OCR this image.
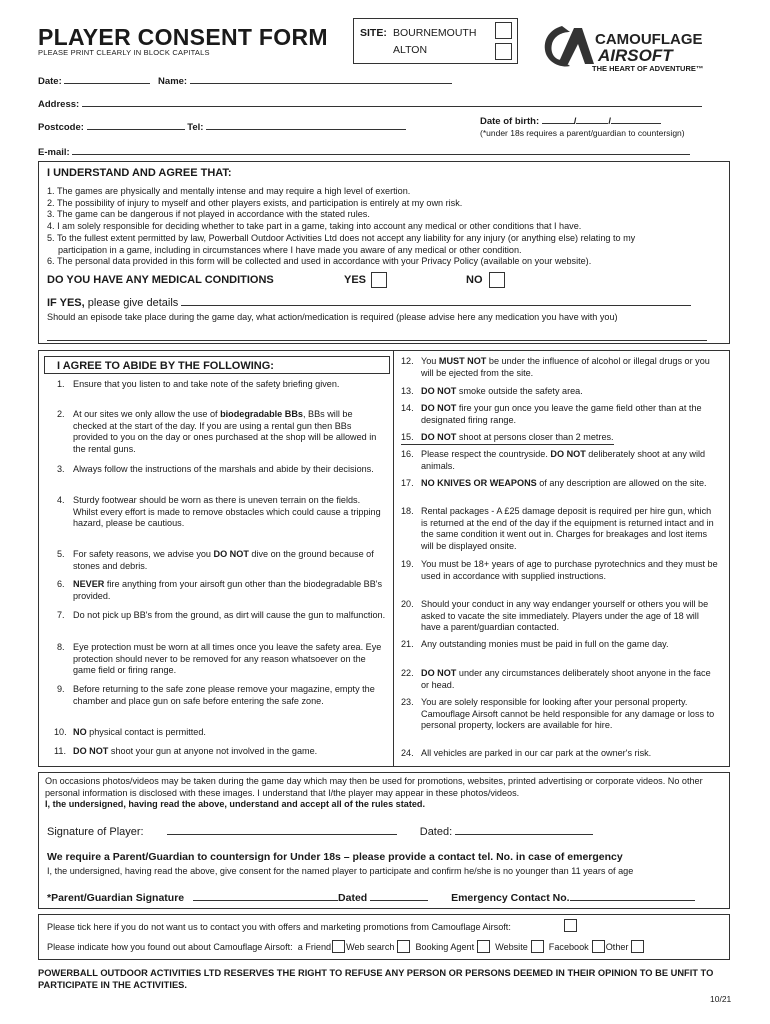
PLAYER CONSENT FORM
PLEASE PRINT CLEARLY IN BLOCK CAPITALS
SITE: BOURNEMOUTH
ALTON
CAMOUFLAGE
AIRSOFT
THE HEART OF ADVENTURE™
Date:	Name:
Address:
Date of birth:	/	/
(*under 18s requires a parent/guardian to countersign)
Postcode:	Tel:
E-mail:
I UNDERSTAND AND AGREE THAT:
1. The games are physically and mentally intense and may require a high level of exertion.
2. The possibility of injury to myself and other players exists, and participation is entirely at my own risk.
3. The game can be dangerous if not played in accordance with the stated rules.
4. I am solely responsible for deciding whether to take part in a game, taking into account any medical or other conditions that I have.
5. To the fullest extent permitted by law, Powerball Outdoor Activities Ltd does not accept any liability for any injury (or anything else) relating to my
participation in a game, including in circumstances where I have made you aware of any medical or other condition.
6. The personal data provided in this form will be collected and used in accordance with your Privacy Policy (available on your website).
DO YOU HAVE ANY MEDICAL CONDITIONS	YES	NO
IF YES, please give details
Should an episode take place during the game day, what action/medication is required (please advise here any medication you have with you)
I AGREE TO ABIDE BY THE FOLLOWING:
1. Ensure that you listen to and take note of the safety briefing given.
2. At our sites we only allow the use of biodegradable BBs, BBs will be checked at the start of the day. If you are using a rental gun then BBs provided to you on the day or ones purchased at the shop will be allowed in the rental guns.
3. Always follow the instructions of the marshals and abide by their decisions.
4. Sturdy footwear should be worn as there is uneven terrain on the fields. Whilst every effort is made to remove obstacles which could cause a tripping hazard, please be cautious.
5. For safety reasons, we advise you DO NOT dive on the ground because of stones and debris.
6. NEVER fire anything from your airsoft gun other than the biodegradable BB's provided.
7. Do not pick up BB's from the ground, as dirt will cause the gun to malfunction.
8. Eye protection must be worn at all times once you leave the safety area. Eye protection should never to be removed for any reason whatsoever on the game field or firing range.
9. Before returning to the safe zone please remove your magazine, empty the chamber and place gun on safe before entering the safe zone.
10. NO physical contact is permitted.
11. DO NOT shoot your gun at anyone not involved in the game.
12. You MUST NOT be under the influence of alcohol or illegal drugs or you will be ejected from the site.
13. DO NOT smoke outside the safety area.
14. DO NOT fire your gun once you leave the game field other than at the designated firing range.
15. DO NOT shoot at persons closer than 2 metres.
16. Please respect the countryside. DO NOT deliberately shoot at any wild animals.
17. NO KNIVES OR WEAPONS of any description are allowed on the site.
18. Rental packages - A £25 damage deposit is required per hire gun, which is returned at the end of the day if the equipment is returned intact and in the same condition it went out in. Charges for breakages and lost items will be displayed onsite.
19. You must be 18+ years of age to purchase pyrotechnics and they must be used in accordance with supplied instructions.
20. Should your conduct in any way endanger yourself or others you will be asked to vacate the site immediately. Players under the age of 18 will have a parent/guardian contacted.
21. Any outstanding monies must be paid in full on the game day.
22. DO NOT under any circumstances deliberately shoot anyone in the face or head.
23. You are solely responsible for looking after your personal property. Camouflage Airsoft cannot be held responsible for any damage or loss to personal property, lockers are available for hire.
24. All vehicles are parked in our car park at the owner's risk.
On occasions photos/videos may be taken during the game day which may then be used for promotions, websites, printed advertising or corporate videos. No other personal information is disclosed with these images. I understand that I/the player may appear in these photos/videos.
I, the undersigned, having read the above, understand and accept all of the rules stated.
Signature of Player:	Dated:
We require a Parent/Guardian to countersign for Under 18s – please provide a contact tel. No. in case of emergency
I, the undersigned, having read the above, give consent for the named player to participate and confirm he/she is no younger than 11 years of age
*Parent/Guardian Signature	Dated	Emergency Contact No.
Please tick here if you do not want us to contact you with offers and marketing promotions from Camouflage Airsoft:
Please indicate how you found out about Camouflage Airsoft: a Friend Web search Booking Agent Website Facebook Other
POWERBALL OUTDOOR ACTIVITIES LTD RESERVES THE RIGHT TO REFUSE ANY PERSON OR PERSONS DEEMED IN THEIR OPINION TO BE UNFIT TO PARTICIPATE IN THE ACTIVITIES.
10/21
